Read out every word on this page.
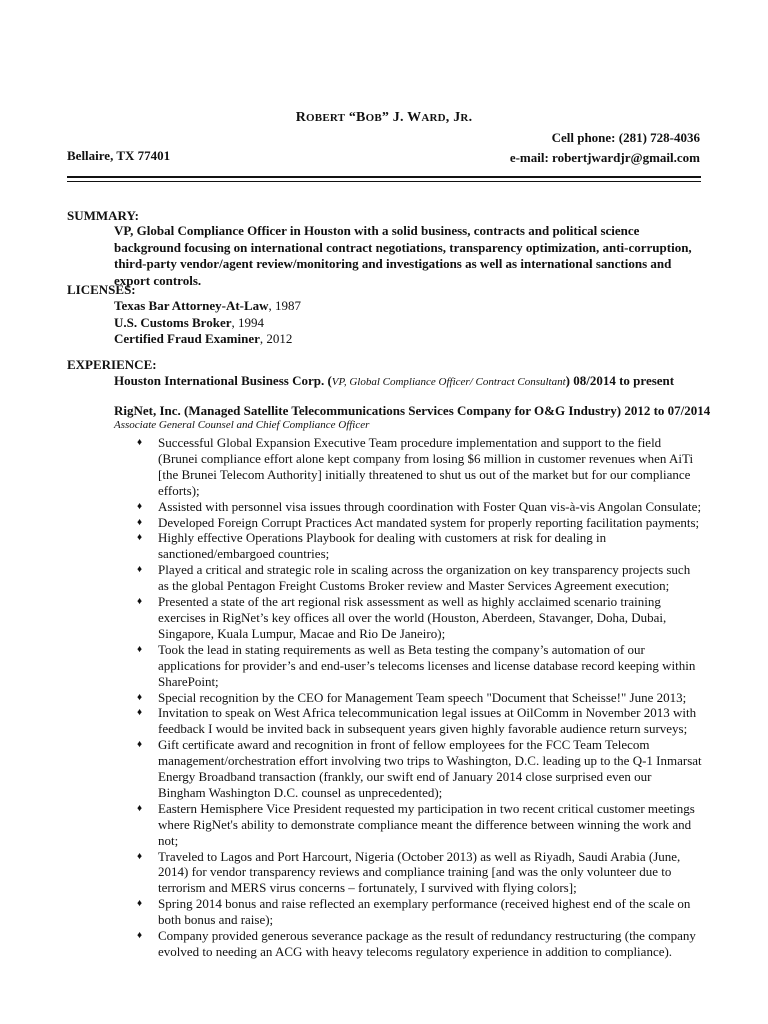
ROBERT “BOB” J. WARD, JR.
Cell phone: (281) 728-4036
e-mail: robertjwardjr@gmail.com
Bellaire, TX 77401
SUMMARY:
VP, Global Compliance Officer in Houston with a solid business, contracts and political science background focusing on international contract negotiations, transparency optimization, anti-corruption, third-party vendor/agent review/monitoring and investigations as well as international sanctions and export controls.
LICENSES:
Texas Bar Attorney-At-Law, 1987
U.S. Customs Broker, 1994
Certified Fraud Examiner, 2012
EXPERIENCE:
Houston International Business Corp. (VP, Global Compliance Officer/ Contract Consultant) 08/2014 to present
RigNet, Inc. (Managed Satellite Telecommunications Services Company for O&G Industry) 2012 to 07/2014
Associate General Counsel and Chief Compliance Officer
♦ Successful Global Expansion Executive Team procedure implementation and support to the field (Brunei compliance effort alone kept company from losing $6 million in customer revenues when AiTi [the Brunei Telecom Authority] initially threatened to shut us out of the market but for our compliance efforts);
♦ Assisted with personnel visa issues through coordination with Foster Quan vis-à-vis Angolan Consulate;
♦ Developed Foreign Corrupt Practices Act mandated system for properly reporting facilitation payments;
♦ Highly effective Operations Playbook for dealing with customers at risk for dealing in sanctioned/embargoed countries;
♦ Played a critical and strategic role in scaling across the organization on key transparency projects such as the global Pentagon Freight Customs Broker review and Master Services Agreement execution;
♦ Presented a state of the art regional risk assessment as well as highly acclaimed scenario training exercises in RigNet’s key offices all over the world (Houston, Aberdeen, Stavanger, Doha, Dubai, Singapore, Kuala Lumpur, Macae and Rio De Janeiro);
♦ Took the lead in stating requirements as well as Beta testing the company’s automation of our applications for provider’s and end-user’s telecoms licenses and license database record keeping within SharePoint;
♦ Special recognition by the CEO for Management Team speech "Document that Scheisse!" June 2013;
♦ Invitation to speak on West Africa telecommunication legal issues at OilComm in November 2013 with feedback I would be invited back in subsequent years given highly favorable audience return surveys;
♦ Gift certificate award and recognition in front of fellow employees for the FCC Team Telecom management/orchestration effort involving two trips to Washington, D.C. leading up to the Q-1 Inmarsat Energy Broadband transaction (frankly, our swift end of January 2014 close surprised even our Bingham Washington D.C. counsel as unprecedented);
♦ Eastern Hemisphere Vice President requested my participation in two recent critical customer meetings where RigNet's ability to demonstrate compliance meant the difference between winning the work and not;
♦ Traveled to Lagos and Port Harcourt, Nigeria (October 2013) as well as Riyadh, Saudi Arabia (June, 2014) for vendor transparency reviews and compliance training [and was the only volunteer due to terrorism and MERS virus concerns – fortunately, I survived with flying colors];
♦ Spring 2014 bonus and raise reflected an exemplary performance (received highest end of the scale on both bonus and raise);
♦ Company provided generous severance package as the result of redundancy restructuring (the company evolved to needing an ACG with heavy telecoms regulatory experience in addition to compliance).
